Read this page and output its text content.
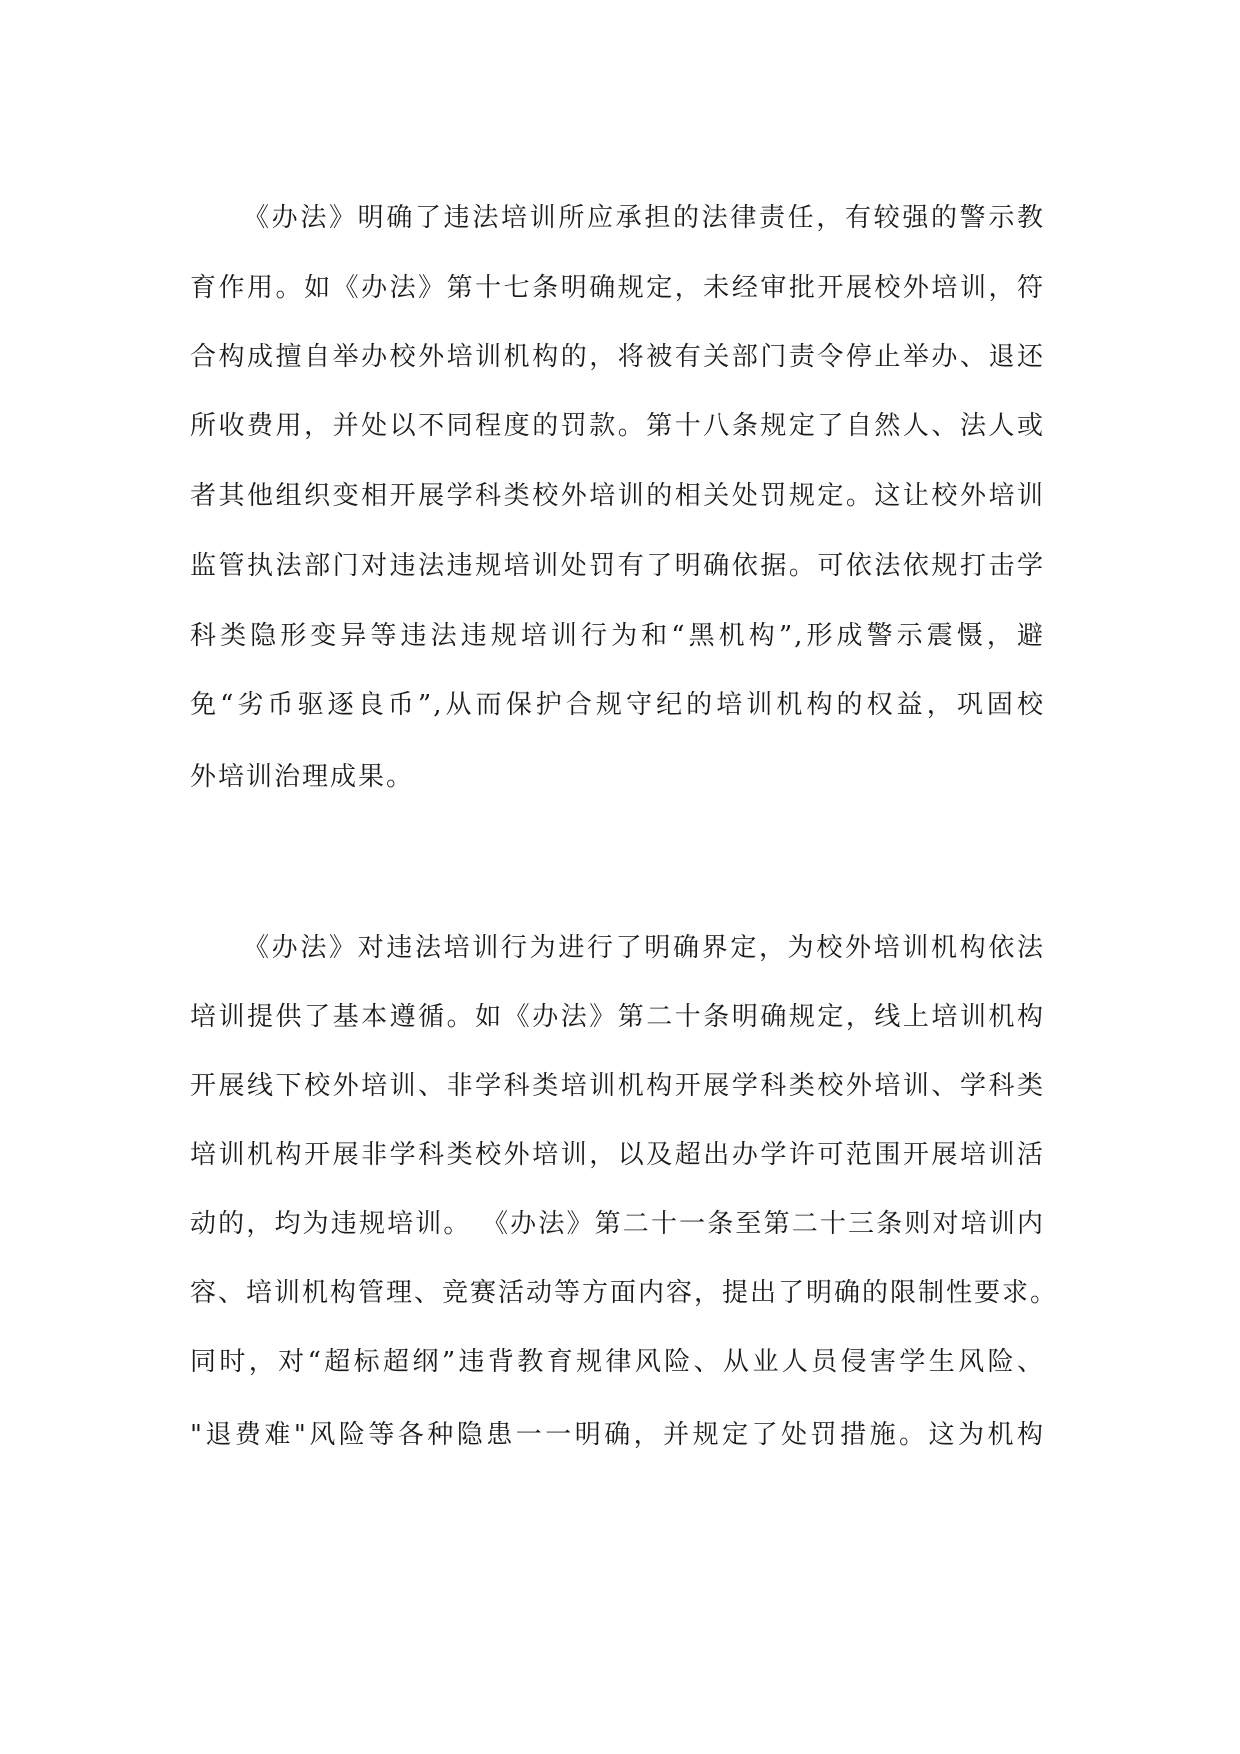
《办法》明确了违法培训所应承担的法律责任，有较强的警示教
育作用。如《办法》第十七条明确规定，未经审批开展校外培训，符
合构成擅自举办校外培训机构的，将被有关部门责令停止举办、退还
所收费用，并处以不同程度的罚款。第十八条规定了自然人、法人或
者其他组织变相开展学科类校外培训的相关处罚规定。这让校外培训
监管执法部门对违法违规培训处罚有了明确依据。可依法依规打击学
科类隐形变异等违法违规培训行为和“黑机构”,形成警示震慑，避
免“劣币驱逐良币”,从而保护合规守纪的培训机构的权益，巩固校
外培训治理成果。
《办法》对违法培训行为进行了明确界定，为校外培训机构依法
培训提供了基本遵循。如《办法》第二十条明确规定，线上培训机构
开展线下校外培训、非学科类培训机构开展学科类校外培训、学科类
培训机构开展非学科类校外培训，以及超出办学许可范围开展培训活
动的，均为违规培训。 《办法》第二十一条至第二十三条则对培训内
容、培训机构管理、竞赛活动等方面内容，提出了明确的限制性要求。
同时，对“超标超纲”违背教育规律风险、从业人员侵害学生风险、
"退费难"风险等各种隐患一一明确，并规定了处罚措施。这为机构
